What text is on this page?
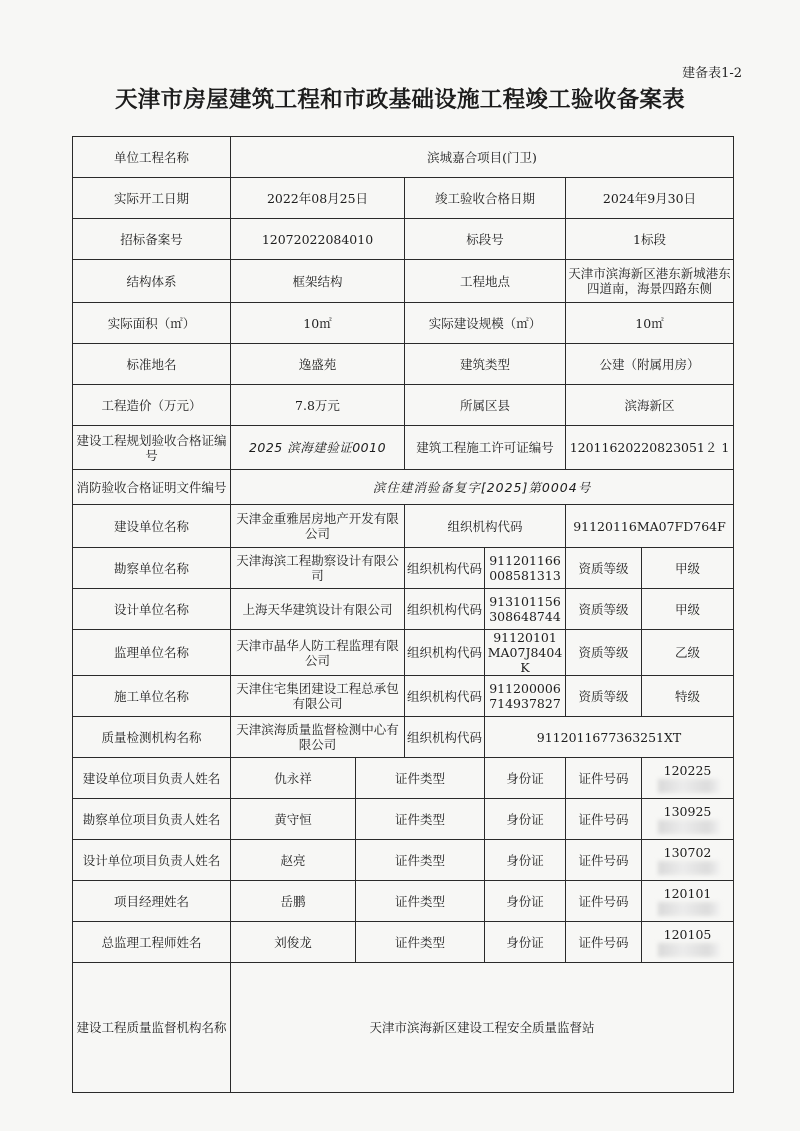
建备表1-2
天津市房屋建筑工程和市政基础设施工程竣工验收备案表
单位工程名称	滨城嘉合项目(门卫)					
实际开工日期	2022年08月25日		竣工验收合格日期		2024年9月30日	
招标备案号	12072022084010		标段号		1标段	
结构体系	框架结构		工程地点		天津市滨海新区港东新城港东四道南，海景四路东侧	
实际面积（㎡）	10㎡		实际建设规模（㎡）		10㎡	
标准地名	逸盛苑		建筑类型		公建（附属用房）	
工程造价（万元）	7.8万元		所属区县		滨海新区	
建设工程规划验收合格证编号	2025 滨海建验证0010		建筑工程施工许可证编号		12011620220823051２ 1	
消防验收合格证明文件编号	滨住建消验备复字[2025]第0004号					
建设单位名称	天津金重雅居房地产开发有限公司		组织机构代码		91120116MA07FD764F	
勘察单位名称	天津海滨工程勘察设计有限公司		组织机构代码	911201166008581313	资质等级	甲级
设计单位名称	上海天华建筑设计有限公司		组织机构代码	913101156308648744	资质等级	甲级
监理单位名称	天津市晶华人防工程监理有限公司		组织机构代码	91120101MA07J8404K	资质等级	乙级
施工单位名称	天津住宅集团建设工程总承包有限公司		组织机构代码	911200006714937827	资质等级	特级
质量检测机构名称	天津滨海质量监督检测中心有限公司		组织机构代码	9112011677363251XT		
建设单位项目负责人姓名	仇永祥	证件类型		身份证	证件号码	120225
勘察单位项目负责人姓名	黄守恒	证件类型		身份证	证件号码	130925
设计单位项目负责人姓名	赵亮	证件类型		身份证	证件号码	130702
项目经理姓名	岳鹏	证件类型		身份证	证件号码	120101
总监理工程师姓名	刘俊龙	证件类型		身份证	证件号码	120105
建设工程质量监督机构名称	天津市滨海新区建设工程安全质量监督站					
